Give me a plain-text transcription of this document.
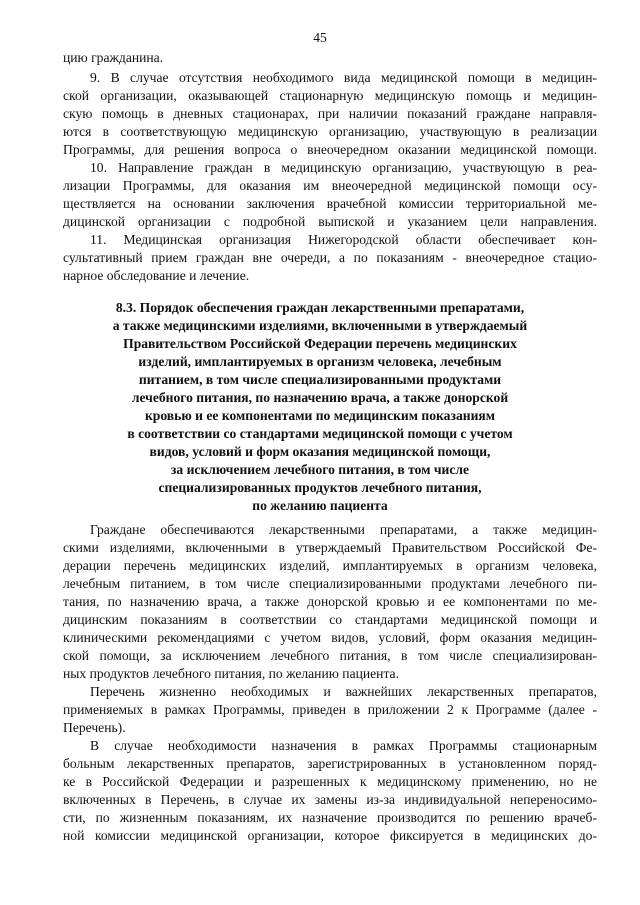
45

цию гражданина.

9. В случае отсутствия необходимого вида медицинской помощи в медицин-

ской организации, оказывающей стационарную медицинскую помощь и медицин-

скую помощь в дневных стационарах, при наличии показаний граждане направля-

ются в соответствующую медицинскую организацию, участвующую в реализации

Программы, для решения вопроса о внеочередном оказании медицинской помощи.

10. Направление граждан в медицинскую организацию, участвующую в реа-

лизации Программы, для оказания им внеочередной медицинской помощи осу-

ществляется на основании заключения врачебной комиссии территориальной ме-

дицинской организации с подробной выпиской и указанием цели направления.

11. Медицинская организация Нижегородской области обеспечивает кон-

сультативный прием граждан вне очереди, а по показаниям - внеочередное стацио-

нарное обследование и лечение.

8.3. Порядок обеспечения граждан лекарственными препаратами,

а также медицинскими изделиями, включенными в утверждаемый

Правительством Российской Федерации перечень медицинских

изделий, имплантируемых в организм человека, лечебным

питанием, в том числе специализированными продуктами

лечебного питания, по назначению врача, а также донорской

кровью и ее компонентами по медицинским показаниям

в соответствии со стандартами медицинской помощи с учетом

видов, условий и форм оказания медицинской помощи,

за исключением лечебного питания, в том числе

специализированных продуктов лечебного питания,

по желанию пациента

Граждане обеспечиваются лекарственными препаратами, а также медицин-

скими изделиями, включенными в утверждаемый Правительством Российской Фе-

дерации перечень медицинских изделий, имплантируемых в организм человека,

лечебным питанием, в том числе специализированными продуктами лечебного пи-

тания, по назначению врача, а также донорской кровью и ее компонентами по ме-

дицинским показаниям в соответствии со стандартами медицинской помощи и

клиническими рекомендациями с учетом видов, условий, форм оказания медицин-

ской помощи, за исключением лечебного питания, в том числе специализирован-

ных продуктов лечебного питания, по желанию пациента.

Перечень жизненно необходимых и важнейших лекарственных препаратов,

применяемых в рамках Программы, приведен в приложении 2 к Программе (далее -

Перечень).

В случае необходимости назначения в рамках Программы стационарным

больным лекарственных препаратов, зарегистрированных в установленном поряд-

ке в Российской Федерации и разрешенных к медицинскому применению, но не

включенных в Перечень, в случае их замены из-за индивидуальной непереносимо-

сти, по жизненным показаниям, их назначение производится по решению врачеб-

ной комиссии медицинской организации, которое фиксируется в медицинских до-
